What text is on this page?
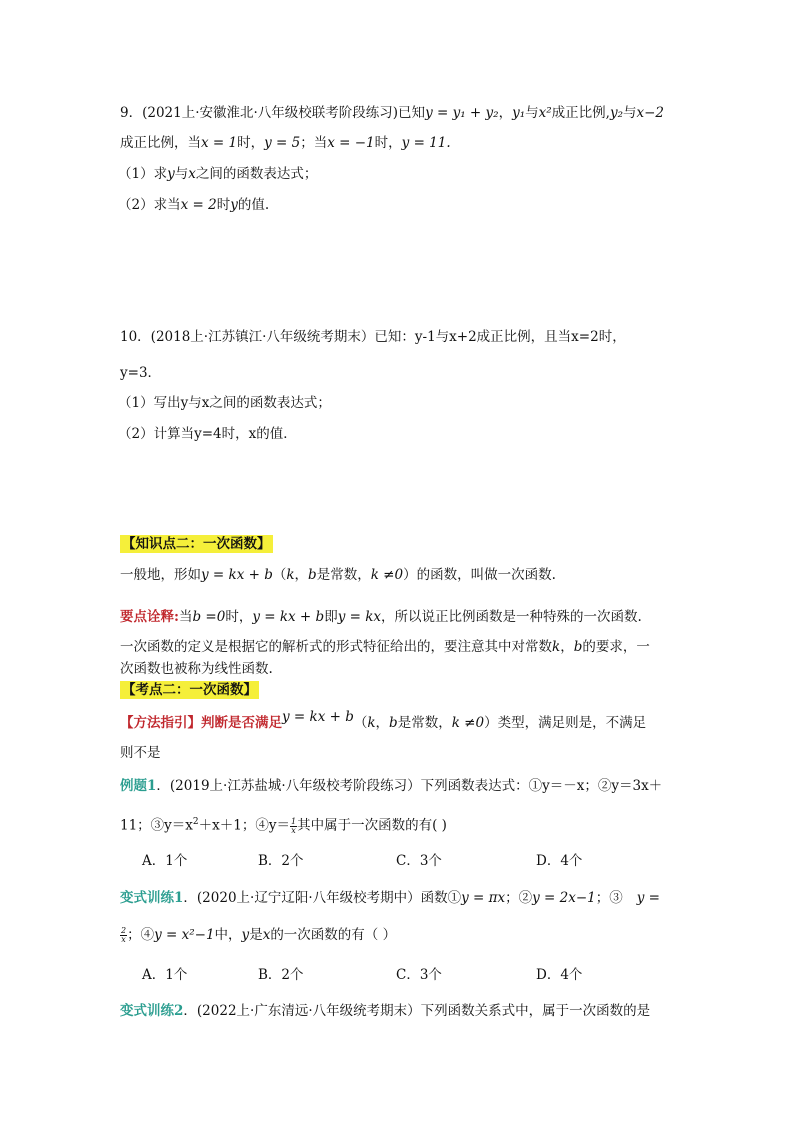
9．(2021上·安徽淮北·八年级校联考阶段练习)已知y = y₁ + y₂，y₁与x²成正比例,y₂与x−2
成正比例，当x = 1时，y = 5；当x = −1时，y = 11.
（1）求y与x之间的函数表达式；
（2）求当x = 2时y的值.
10．(2018上·江苏镇江·八年级统考期末）已知：y-1与x+2成正比例，且当x=2时，
y=3．
（1）写出y与x之间的函数表达式；
（2）计算当y=4时，x的值．
【知识点二：一次函数】
一般地，形如y = kx + b（k，b是常数，k ≠0）的函数，叫做一次函数.
要点诠释:当b =0时，y = kx + b即y = kx，所以说正比例函数是一种特殊的一次函数.
一次函数的定义是根据它的解析式的形式特征给出的，要注意其中对常数k，b的要求，一
次函数也被称为线性函数.
【考点二：一次函数】
【方法指引】判断是否满足y = kx + b（k，b是常数，k ≠0）类型，满足则是，不满足
则不是
例题1．(2019上·江苏盐城·八年级校考阶段练习）下列函数表达式：①y＝－x；②y＝3x＋
11；$③y=x^2+x+1$；④y＝ $\frac{1}{x}$ 其中属于一次函数的有( )
A．1个	B．2个	C．3个	D．4个
变式训练1．(2020上·辽宁辽阳·八年级校考期中）函数①y = πx；②y = 2x−1；③ y =
$\frac{2}{x}$ ；④y = x²−1中，y是x的一次函数的有（ ）
A．1个	B．2个	C．3个	D．4个
变式训练2．(2022上·广东清远·八年级统考期末）下列函数关系式中，属于一次函数的是
